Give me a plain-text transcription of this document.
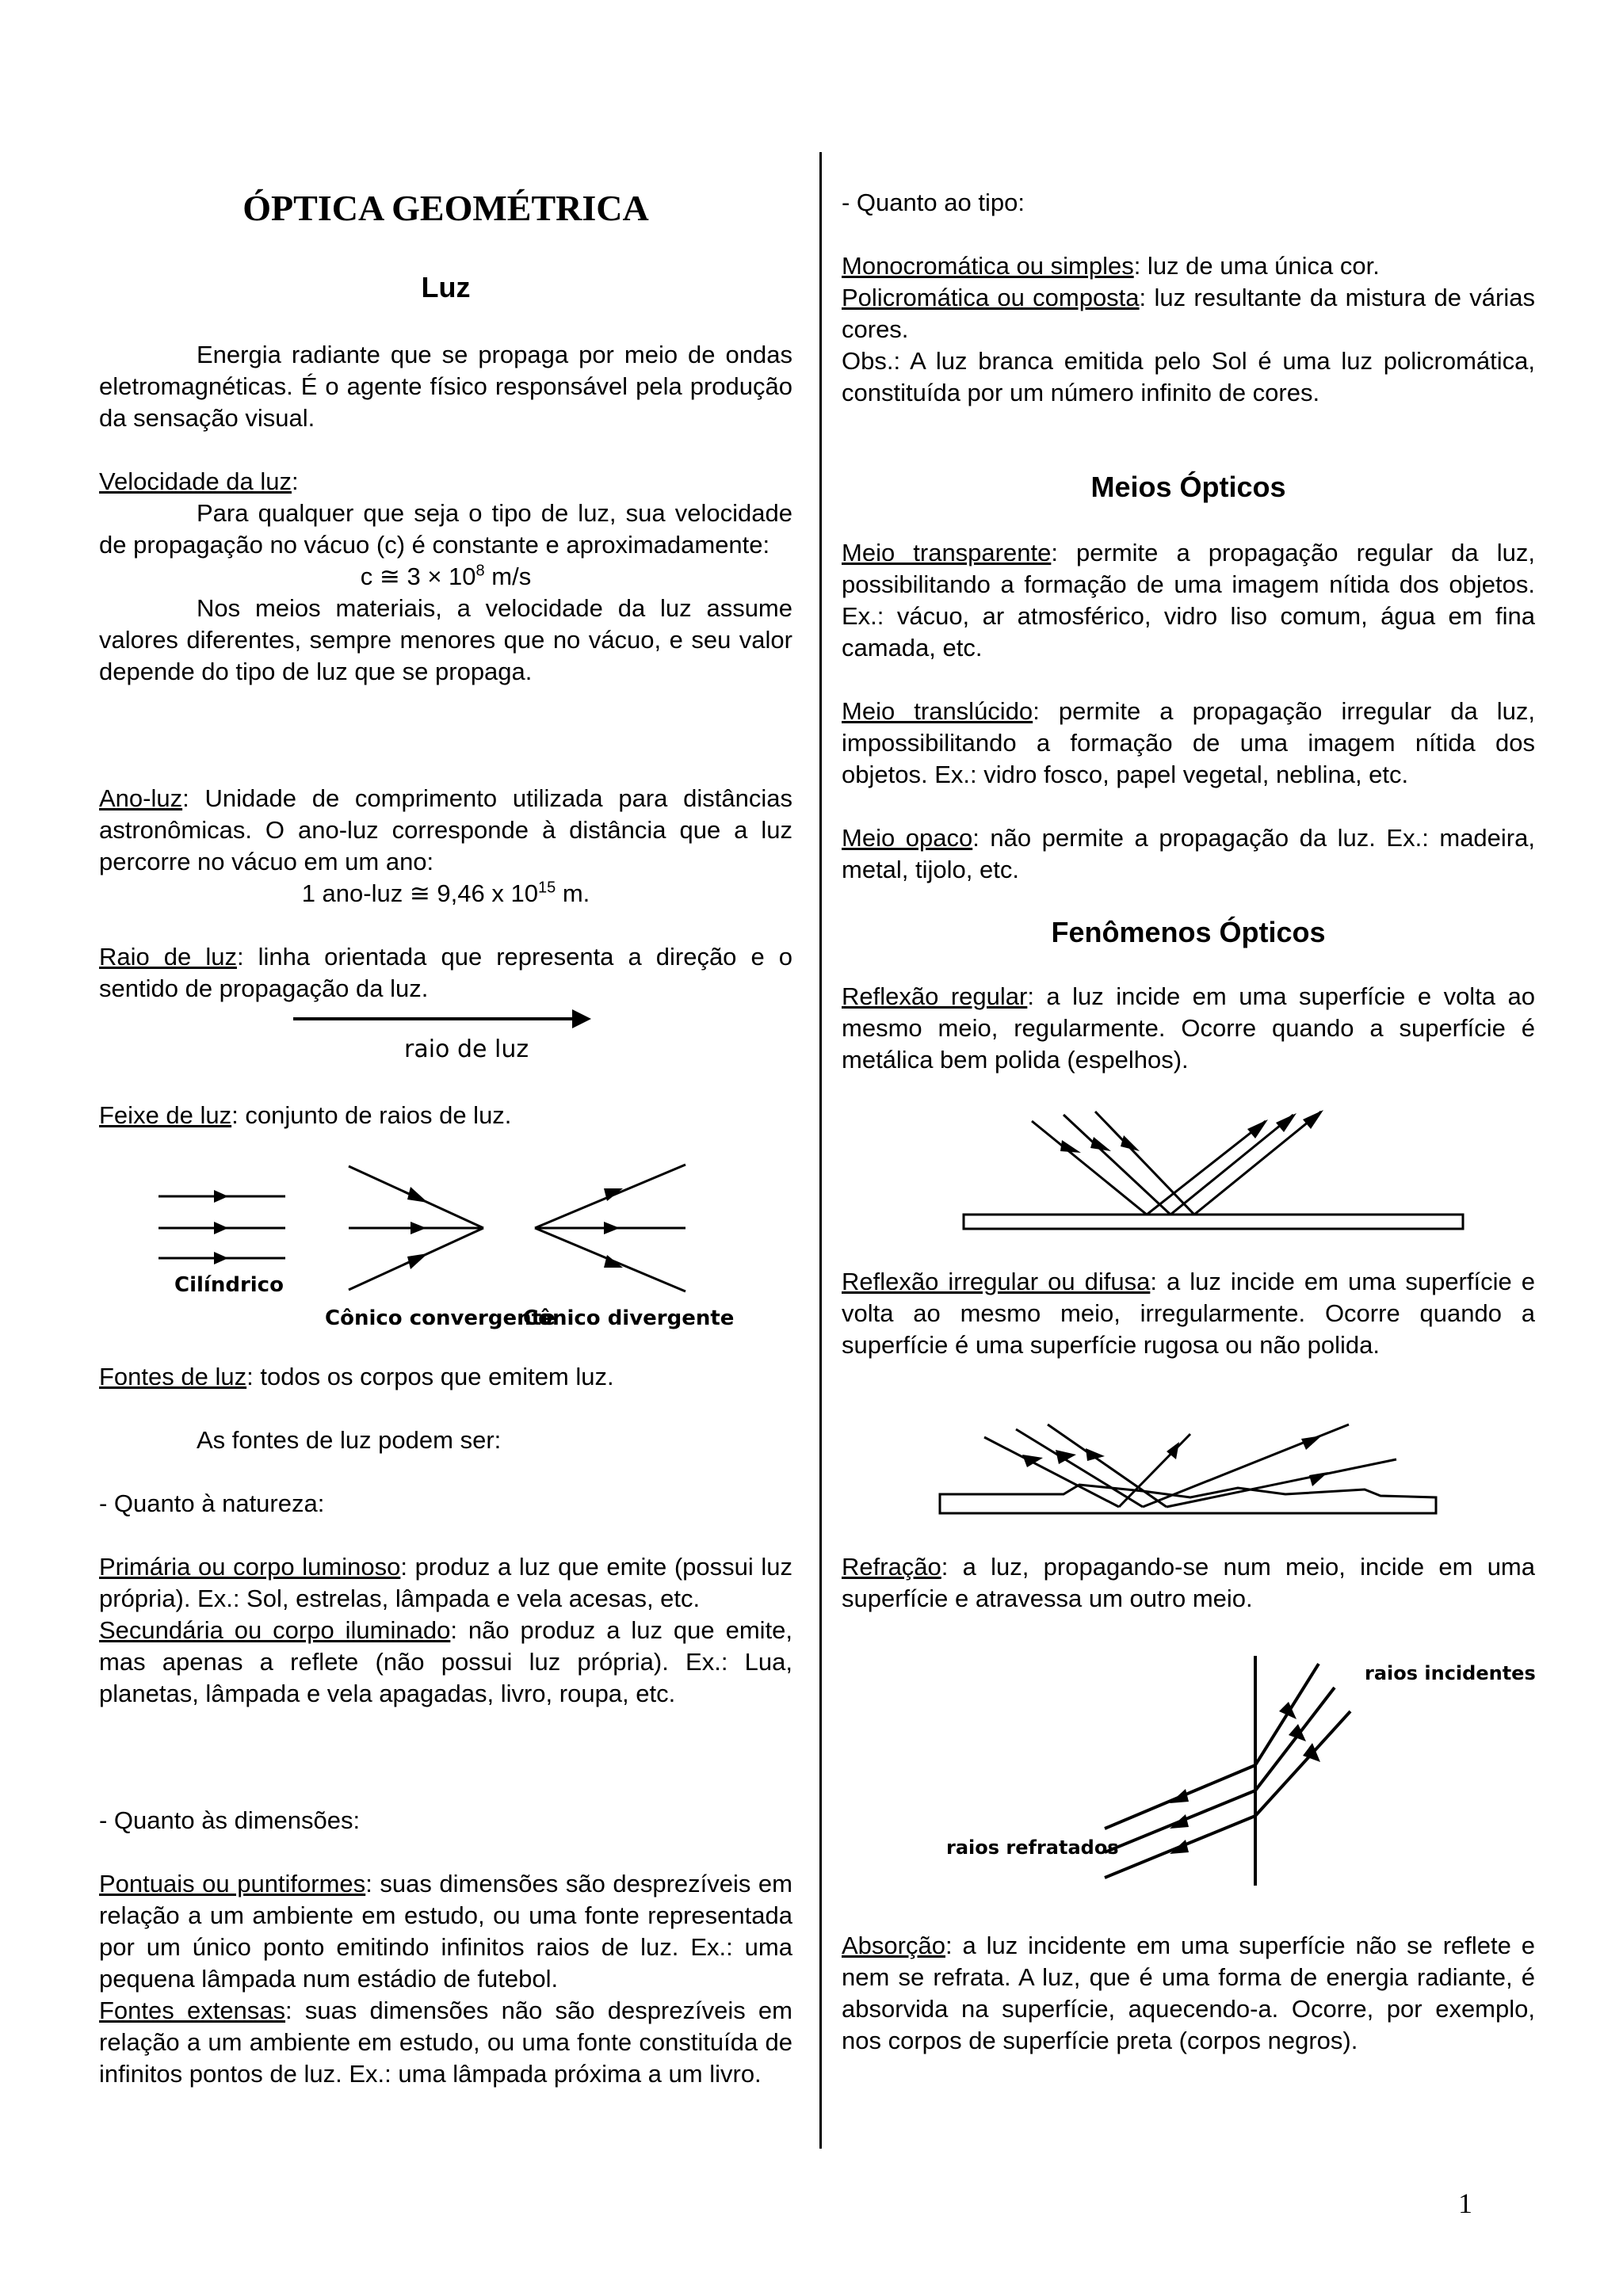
ÓPTICA GEOMÉTRICA
Luz

Energia radiante que se propaga por meio de ondas eletromagnéticas. É o agente físico responsável pela produção da sensação visual.

Velocidade da luz:

Para qualquer que seja o tipo de luz, sua velocidade de propagação no vácuo (c) é constante e aproximadamente:

c ≅ $3 \times 10^8$ m/s

Nos meios materiais, a velocidade da luz assume valores diferentes, sempre menores que no vácuo, e seu valor depende do tipo de luz que se propaga.

Ano-luz: Unidade de comprimento utilizada para distâncias astronômicas. O ano-luz corresponde à distância que a luz percorre no vácuo em um ano:

1 ano-luz ≅ 9,46 x $10^{15}$ m.

Raio de luz: linha orientada que representa a direção e o sentido de propagação da luz.

raio de luz

Feixe de luz: conjunto de raios de luz.

Cilíndrico
Cônico convergente
Cônico divergente

Fontes de luz: todos os corpos que emitem luz.

As fontes de luz podem ser:

- Quanto à natureza:

Primária ou corpo luminoso: produz a luz que emite (possui luz própria). Ex.: Sol, estrelas, lâmpada e vela acesas, etc.

Secundária ou corpo iluminado: não produz a luz que emite, mas apenas a reflete (não possui luz própria). Ex.: Lua, planetas, lâmpada e vela apagadas, livro, roupa, etc.

- Quanto às dimensões:

Pontuais ou puntiformes: suas dimensões são desprezíveis em relação a um ambiente em estudo, ou uma fonte representada por um único ponto emitindo infinitos raios de luz. Ex.: uma pequena lâmpada num estádio de futebol.

Fontes extensas: suas dimensões não são desprezíveis em relação a um ambiente em estudo, ou uma fonte constituída de infinitos pontos de luz. Ex.: uma lâmpada próxima a um livro.

- Quanto ao tipo:

Monocromática ou simples: luz de uma única cor.

Policromática ou composta: luz resultante da mistura de várias cores.

Obs.: A luz branca emitida pelo Sol é uma luz policromática, constituída por um número infinito de cores.

Meios Ópticos

Meio transparente: permite a propagação regular da luz, possibilitando a formação de uma imagem nítida dos objetos. Ex.: vácuo, ar atmosférico, vidro liso comum, água em fina camada, etc.

Meio translúcido: permite a propagação irregular da luz, impossibilitando a formação de uma imagem nítida dos objetos. Ex.: vidro fosco, papel vegetal, neblina, etc.

Meio opaco: não permite a propagação da luz. Ex.: madeira, metal, tijolo, etc.

Fenômenos Ópticos

Reflexão regular: a luz incide em uma superfície e volta ao mesmo meio, regularmente. Ocorre quando a superfície é metálica bem polida (espelhos).

Reflexão irregular ou difusa: a luz incide em uma superfície e volta ao mesmo meio, irregularmente. Ocorre quando a superfície é uma superfície rugosa ou não polida.

Refração: a luz, propagando-se num meio, incide em uma superfície e atravessa um outro meio.

raios incidentes
raios refratados

Absorção: a luz incidente em uma superfície não se reflete e nem se refrata. A luz, que é uma forma de energia radiante, é absorvida na superfície, aquecendo-a. Ocorre, por exemplo, nos corpos de superfície preta (corpos negros).

1
